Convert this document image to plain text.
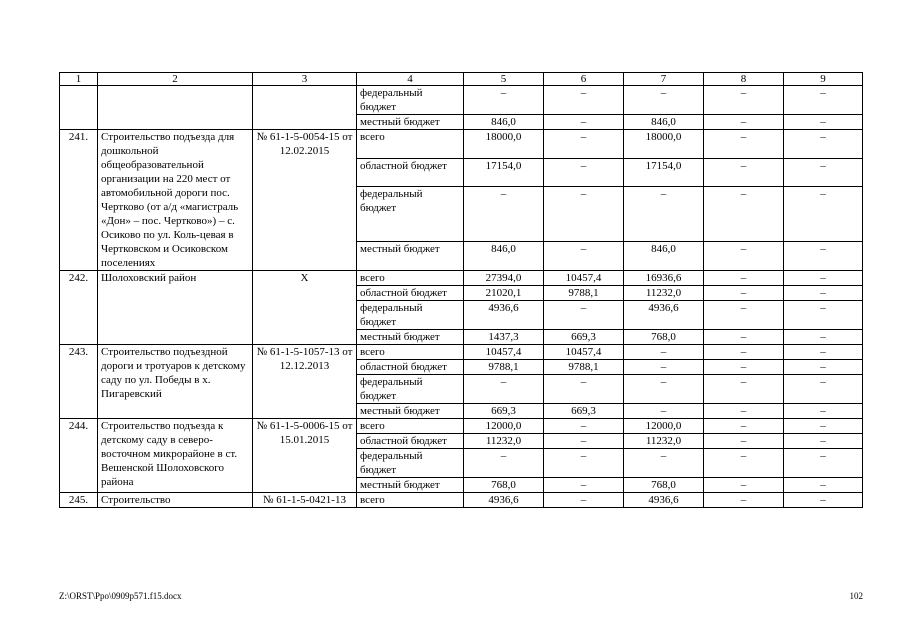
1	2	3	4	5	6	7	8	9
			федеральный бюджет	–	–	–	–	–
			местный бюджет	846,0	–	846,0	–	–
241.	Строительство подъезда для дошкольной общеобразовательной организации на 220 мест от автомобильной дороги пос. Чертково (от а/д «магистраль «Дон» – пос. Чертково») – с. Осиково по ул. Коль-цевая в Чертковском и Осиковском поселениях	№ 61-1-5-0054-15 от 12.02.2015	всего	18000,0	–	18000,0	–	–
			областной бюджет	17154,0	–	17154,0	–	–
			федеральный бюджет	–	–	–	–	–
			местный бюджет	846,0	–	846,0	–	–
242.	Шолоховский район	Х	всего	27394,0	10457,4	16936,6	–	–
			областной бюджет	21020,1	9788,1	11232,0	–	–
			федеральный бюджет	4936,6	–	4936,6	–	–
			местный бюджет	1437,3	669,3	768,0	–	–
243.	Строительство подъездной дороги и тротуаров к детскому саду по ул. Победы в х. Пигаревский	№ 61-1-5-1057-13 от 12.12.2013	всего	10457,4	10457,4	–	–	–
			областной бюджет	9788,1	9788,1	–	–	–
			федеральный бюджет	–	–	–	–	–
			местный бюджет	669,3	669,3	–	–	–
244.	Строительство подъезда к детскому саду в северо-восточном микрорайоне в ст. Вешенской Шолоховского района	№ 61-1-5-0006-15 от 15.01.2015	всего	12000,0	–	12000,0	–	–
			областной бюджет	11232,0	–	11232,0	–	–
			федеральный бюджет	–	–	–	–	–
			местный бюджет	768,0	–	768,0	–	–
245.	Строительство	№ 61-1-5-0421-13	всего	4936,6	–	4936,6	–	–
Z:\ORST\Ppo\0909p571.f15.docx	102
